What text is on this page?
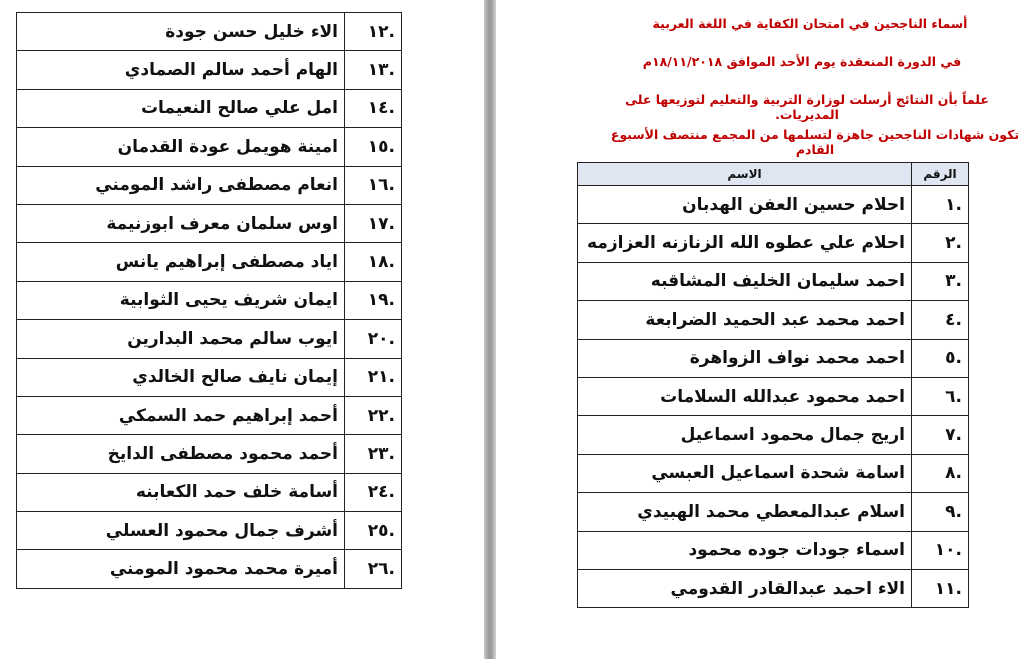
.١٢	الاء خليل حسن جودة
.١٣	الهام أحمد سالم الصمادي
.١٤	امل علي صالح النعيمات
.١٥	امينة هويمل عودة القدمان
.١٦	انعام مصطفى راشد المومني
.١٧	اوس سلمان معرف ابوزنيمة
.١٨	اياد مصطفى إبراهيم يانس
.١٩	ايمان شريف يحيى الثوابية
.٢٠	ايوب سالم محمد البدارين
.٢١	إيمان نايف صالح الخالدي
.٢٢	أحمد إبراهيم حمد السمكي
.٢٣	أحمد محمود مصطفى الدايخ
.٢٤	أسامة خلف حمد الكعابنه
.٢٥	أشرف جمال محمود العسلي
.٢٦	أميرة محمد محمود المومني
أسماء الناجحين في امتحان الكفاية في اللغة العربية
في الدورة المنعقدة يوم الأحد الموافق ١٨/١١/٢٠١٨م
علماً بأن النتائج أرسلت لوزارة التربية والتعليم لتوزيعها على المديريات.
تكون شهادات الناجحين جاهزة لتسلمها من المجمع منتصف الأسبوع القادم
الرقم	الاسم
.١	احلام حسين العفن الهدبان
.٢	احلام علي عطوه الله الزنازنه العزازمه
.٣	احمد سليمان الخليف المشاقبه
.٤	احمد محمد عبد الحميد الضرابعة
.٥	احمد محمد نواف الزواهرة
.٦	احمد محمود عبدالله السلامات
.٧	اريج جمال محمود اسماعيل
.٨	اسامة شحدة اسماعيل العبسي
.٩	اسلام عبدالمعطي محمد الهبيدي
.١٠	اسماء جودات جوده محمود
.١١	الاء احمد عبدالقادر القدومي
